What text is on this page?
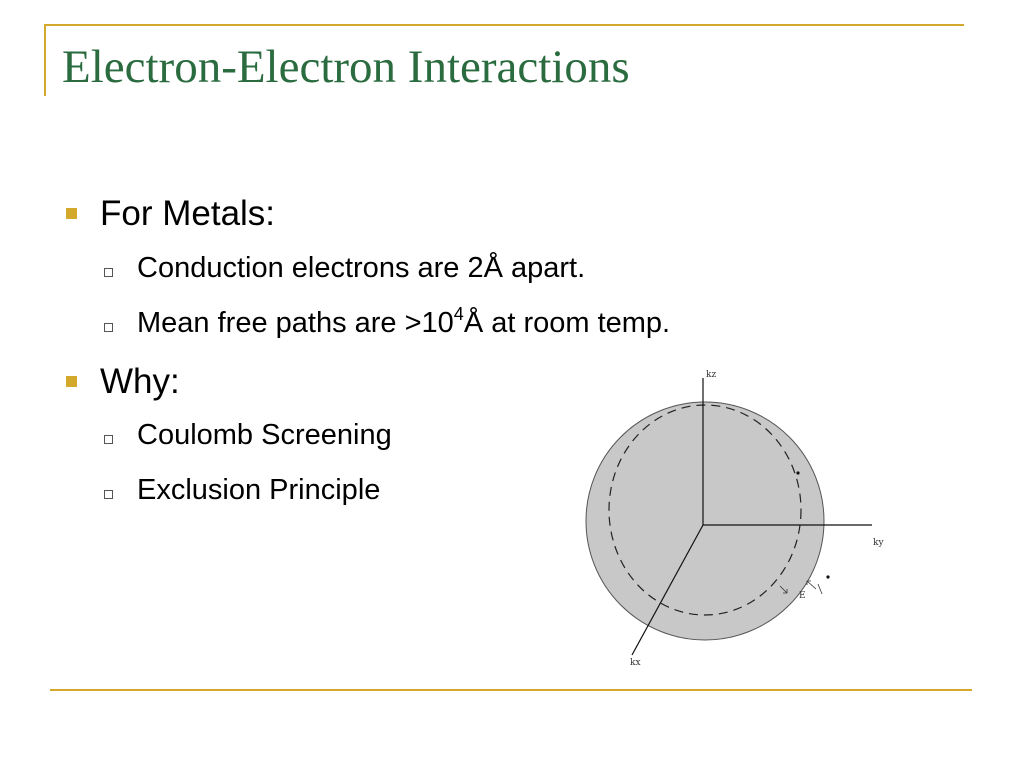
Electron-Electron Interactions
For Metals:
Conduction electrons are 2Å apart.
Mean free paths are $>10^4Å$ at room temp.
Why:
Coulomb Screening
Exclusion Principle
kz
ky
kx
E
